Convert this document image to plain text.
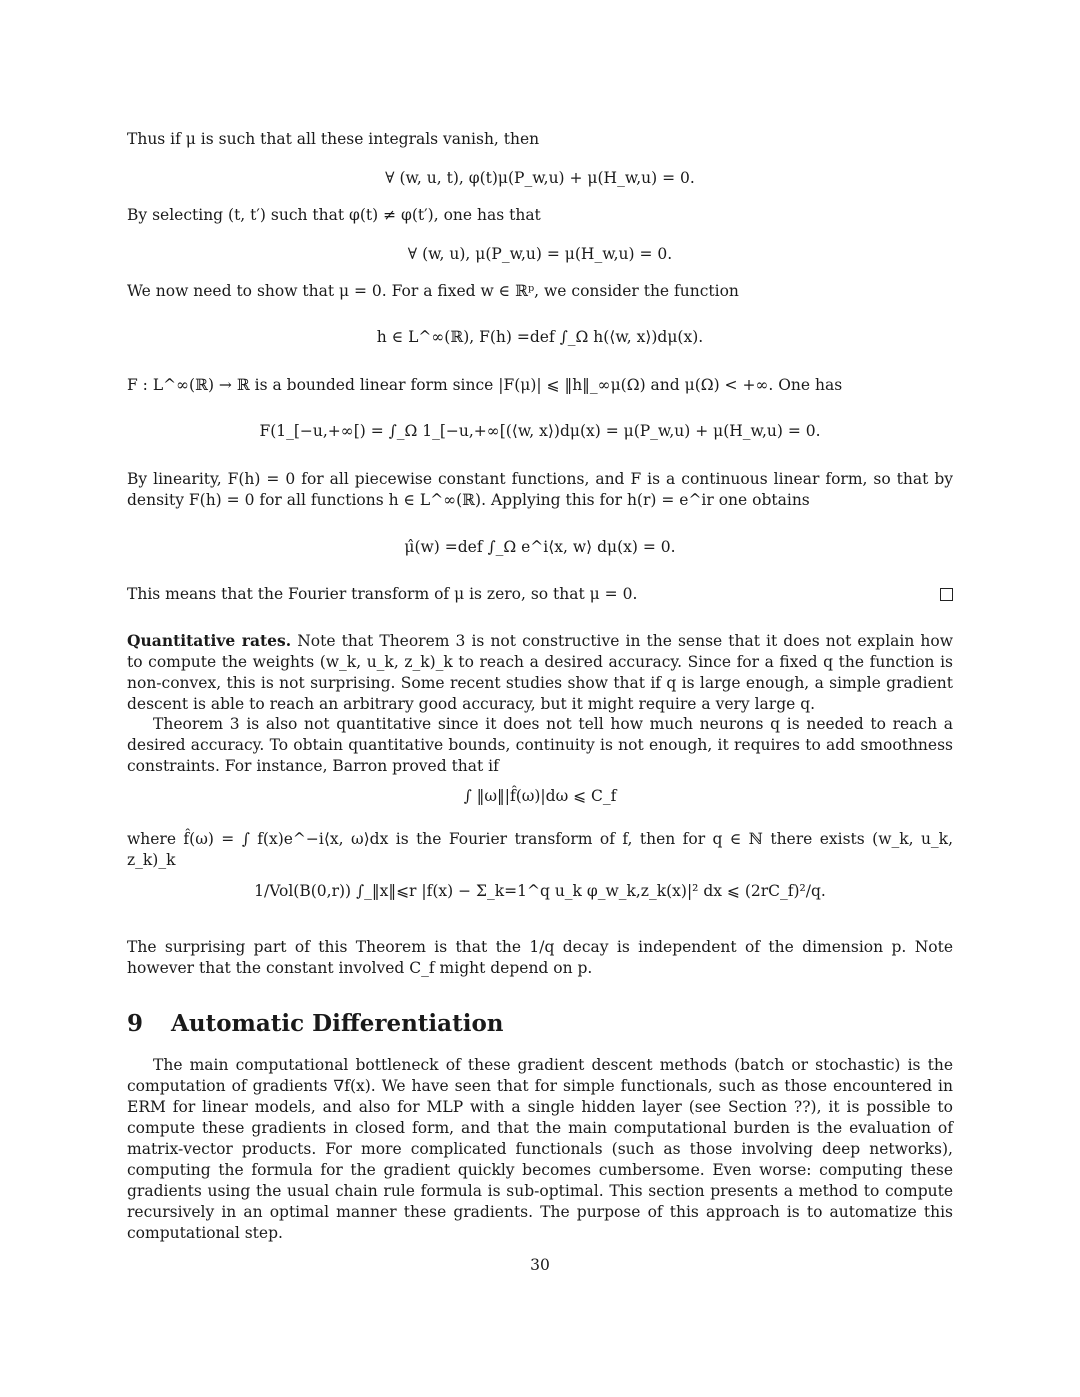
Thus if μ is such that all these integrals vanish, then
∀ (w, u, t), φ(t)μ(P_w,u) + μ(H_w,u) = 0.
By selecting (t, t′) such that φ(t) ≠ φ(t′), one has that
∀ (w, u), μ(P_w,u) = μ(H_w,u) = 0.
We now need to show that μ = 0. For a fixed w ∈ ℝᵖ, we consider the function
h ∈ L^∞(ℝ), F(h) =def ∫_Ω h(⟨w, x⟩)dμ(x).
F : L^∞(ℝ) → ℝ is a bounded linear form since |F(μ)| ⩽ ‖h‖_∞μ(Ω) and μ(Ω) < +∞. One has
F(1_[−u,+∞[) = ∫_Ω 1_[−u,+∞[(⟨w, x⟩)dμ(x) = μ(P_w,u) + μ(H_w,u) = 0.
By linearity, F(h) = 0 for all piecewise constant functions, and F is a continuous linear form, so that by density F(h) = 0 for all functions h ∈ L^∞(ℝ). Applying this for h(r) = e^ir one obtains
μ̂(w) =def ∫_Ω e^i⟨x, w⟩ dμ(x) = 0.
This means that the Fourier transform of μ is zero, so that μ = 0.
Quantitative rates. Note that Theorem 3 is not constructive in the sense that it does not explain how to compute the weights (w_k, u_k, z_k)_k to reach a desired accuracy. Since for a fixed q the function is non-convex, this is not surprising. Some recent studies show that if q is large enough, a simple gradient descent is able to reach an arbitrary good accuracy, but it might require a very large q.
Theorem 3 is also not quantitative since it does not tell how much neurons q is needed to reach a desired accuracy. To obtain quantitative bounds, continuity is not enough, it requires to add smoothness constraints. For instance, Barron proved that if
∫ ‖ω‖|f̂(ω)|dω ⩽ C_f
where f̂(ω) = ∫ f(x)e^−i⟨x, ω⟩dx is the Fourier transform of f, then for q ∈ ℕ there exists (w_k, u_k, z_k)_k
1/Vol(B(0,r)) ∫_‖x‖⩽r |f(x) − Σ_k=1^q u_k φ_w_k,z_k(x)|² dx ⩽ (2rC_f)²/q.
The surprising part of this Theorem is that the 1/q decay is independent of the dimension p. Note however that the constant involved C_f might depend on p.
9 Automatic Differentiation
The main computational bottleneck of these gradient descent methods (batch or stochastic) is the computation of gradients ∇f(x). We have seen that for simple functionals, such as those encountered in ERM for linear models, and also for MLP with a single hidden layer (see Section ??), it is possible to compute these gradients in closed form, and that the main computational burden is the evaluation of matrix-vector products. For more complicated functionals (such as those involving deep networks), computing the formula for the gradient quickly becomes cumbersome. Even worse: computing these gradients using the usual chain rule formula is sub-optimal. This section presents a method to compute recursively in an optimal manner these gradients. The purpose of this approach is to automatize this computational step.
30
